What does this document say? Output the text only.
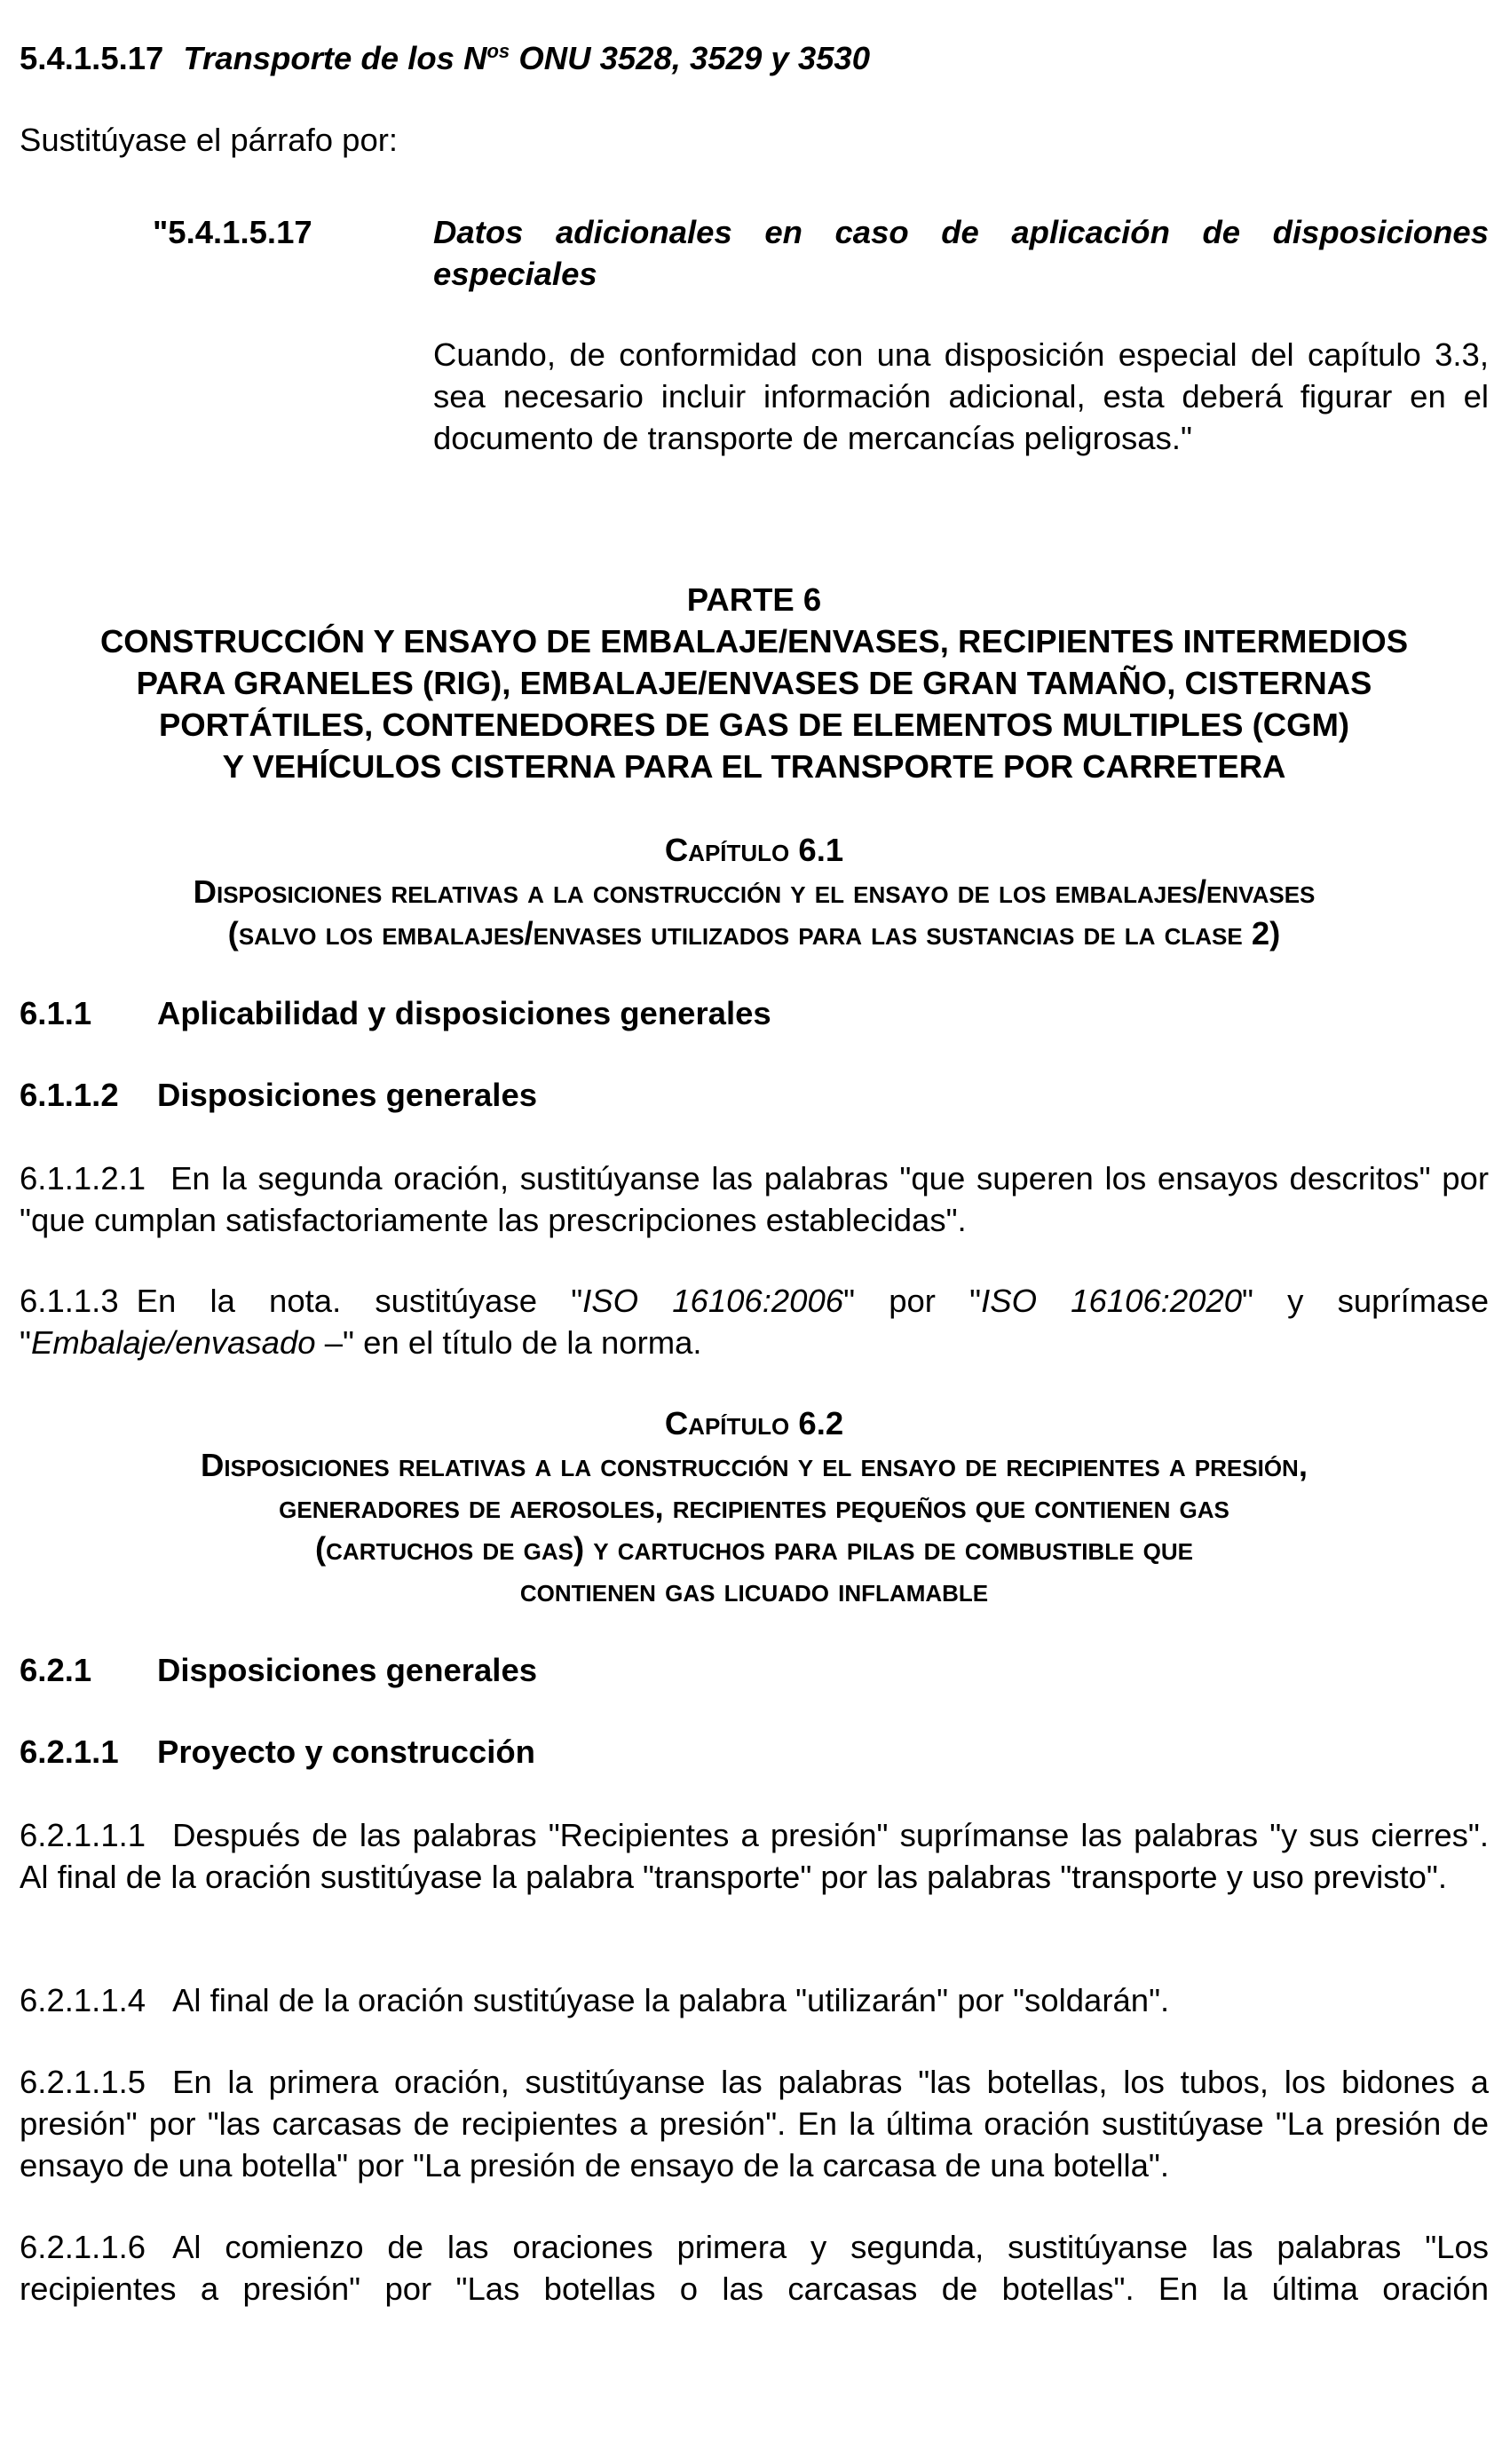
5.4.1.5.17 Transporte de los $N^{os}$ ONU 3528, 3529 y 3530

Sustitúyase el párrafo por:

"5.4.1.5.17	Datos adicionales en caso de aplicación de disposiciones especiales

Cuando, de conformidad con una disposición especial del capítulo 3.3, sea necesario incluir información adicional, esta deberá figurar en el documento de transporte de mercancías peligrosas."

PARTE 6

CONSTRUCCIÓN Y ENSAYO DE EMBALAJE/ENVASES, RECIPIENTES INTERMEDIOS

PARA GRANELES (RIG), EMBALAJE/ENVASES DE GRAN TAMAÑO, CISTERNAS

PORTÁTILES, CONTENEDORES DE GAS DE ELEMENTOS MULTIPLES (CGM)

Y VEHÍCULOS CISTERNA PARA EL TRANSPORTE POR CARRETERA

Capítulo 6.1

Disposiciones relativas a la construcción y el ensayo de los embalajes/envases

(salvo los embalajes/envases utilizados para las sustancias de la clase 2)

6.1.1 Aplicabilidad y disposiciones generales

6.1.1.2 Disposiciones generales

6.1.1.2.1 En la segunda oración, sustitúyanse las palabras "que superen los ensayos descritos" por "que cumplan satisfactoriamente las prescripciones establecidas".

6.1.1.3 En la nota. sustitúyase "ISO 16106:2006" por "ISO 16106:2020" y suprímase "Embalaje/envasado –" en el título de la norma.

Capítulo 6.2

Disposiciones relativas a la construcción y el ensayo de recipientes a presión,

generadores de aerosoles, recipientes pequeños que contienen gas

(cartuchos de gas) y cartuchos para pilas de combustible que

contienen gas licuado inflamable

6.2.1 Disposiciones generales

6.2.1.1 Proyecto y construcción

6.2.1.1.1 Después de las palabras "Recipientes a presión" suprímanse las palabras "y sus cierres". Al final de la oración sustitúyase la palabra "transporte" por las palabras "transporte y uso previsto".

6.2.1.1.4 Al final de la oración sustitúyase la palabra "utilizarán" por "soldarán".

6.2.1.1.5 En la primera oración, sustitúyanse las palabras "las botellas, los tubos, los bidones a presión" por "las carcasas de recipientes a presión". En la última oración sustitúyase "La presión de ensayo de una botella" por "La presión de ensayo de la carcasa de una botella".

6.2.1.1.6 Al comienzo de las oraciones primera y segunda, sustitúyanse las palabras "Los recipientes a presión" por "Las botellas o las carcasas de botellas". En la última oración
